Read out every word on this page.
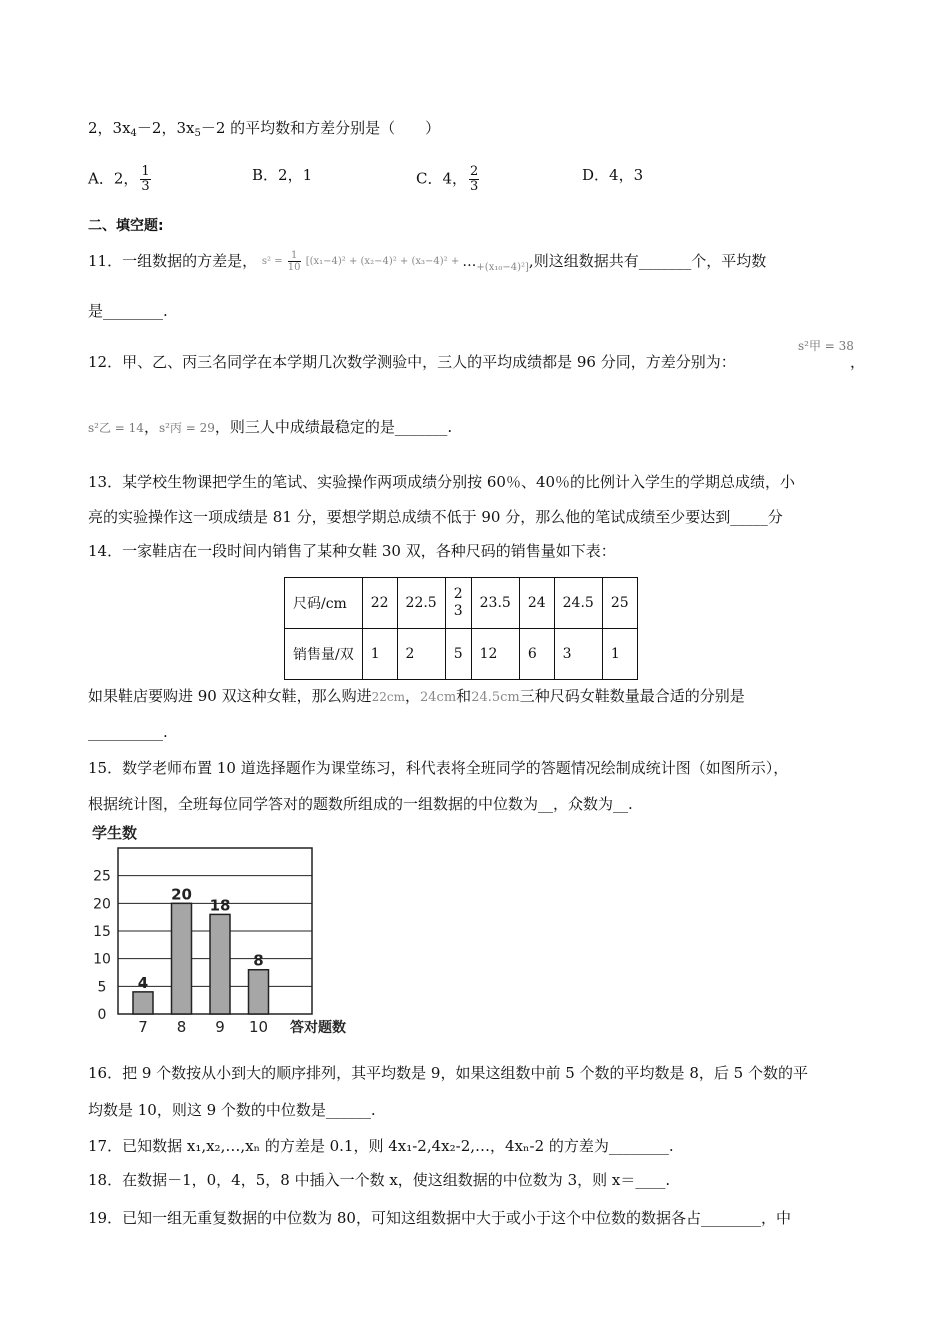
2，$3x_4-2$，$3x_5-2$ 的平均数和方差分别是（　　）
A．2， $\frac{1}{3}$	B．2，1	C．4， $\frac{2}{3}$	D．4，3
二、填空题:
11．一组数据的方差是， $s^2 = \frac{1}{10} [(x_1-4)^2 + (x_2-4)^2 + (x_3-4)^2$ + $\dots_{+(x_{10}-4)^2]}$,则这组数据共有_______个，平均数
是________.
12．甲、乙、丙三名同学在本学期几次数学测验中，三人的平均成绩都是 96 分同，方差分别为：
s²甲 = 38
，
s²乙 = 14，s²丙 = 29，则三人中成绩最稳定的是_______.
13．某学校生物课把学生的笔试、实验操作两项成绩分别按 60％、40％的比例计入学生的学期总成绩，小
亮的实验操作这一项成绩是 81 分，要想学期总成绩不低于 90 分，那么他的笔试成绩至少要达到_____分
14．一家鞋店在一段时间内销售了某种女鞋 30 双，各种尺码的销售量如下表：
尺码/cm	22	22.5	23	23.5	24	24.5	25
销售量/双	1	2	5	12	6	3	1
如果鞋店要购进 90 双这种女鞋，那么购进22cm，24cm和24.5cm三种尺码女鞋数量最合适的分别是
__________.
15．数学老师布置 10 道选择题作为课堂练习，科代表将全班同学的答题情况绘制成统计图（如图所示），
根据统计图，全班每位同学答对的题数所组成的一组数据的中位数为__，众数为__.
学生数
4
20
18
8
0
5
10
15
20
25
7 8 9 10 答对题数
16．把 9 个数按从小到大的顺序排列，其平均数是 9，如果这组数中前 5 个数的平均数是 8，后 5 个数的平
均数是 10，则这 9 个数的中位数是______.
17．已知数据 x₁,x₂,…,xₙ 的方差是 0.1，则 4x₁-2,4x₂-2,…，4xₙ-2 的方差为________.
18．在数据－1，0，4，5，8 中插入一个数 x，使这组数据的中位数为 3，则 x＝____.
19．已知一组无重复数据的中位数为 80，可知这组数据中大于或小于这个中位数的数据各占________，中
